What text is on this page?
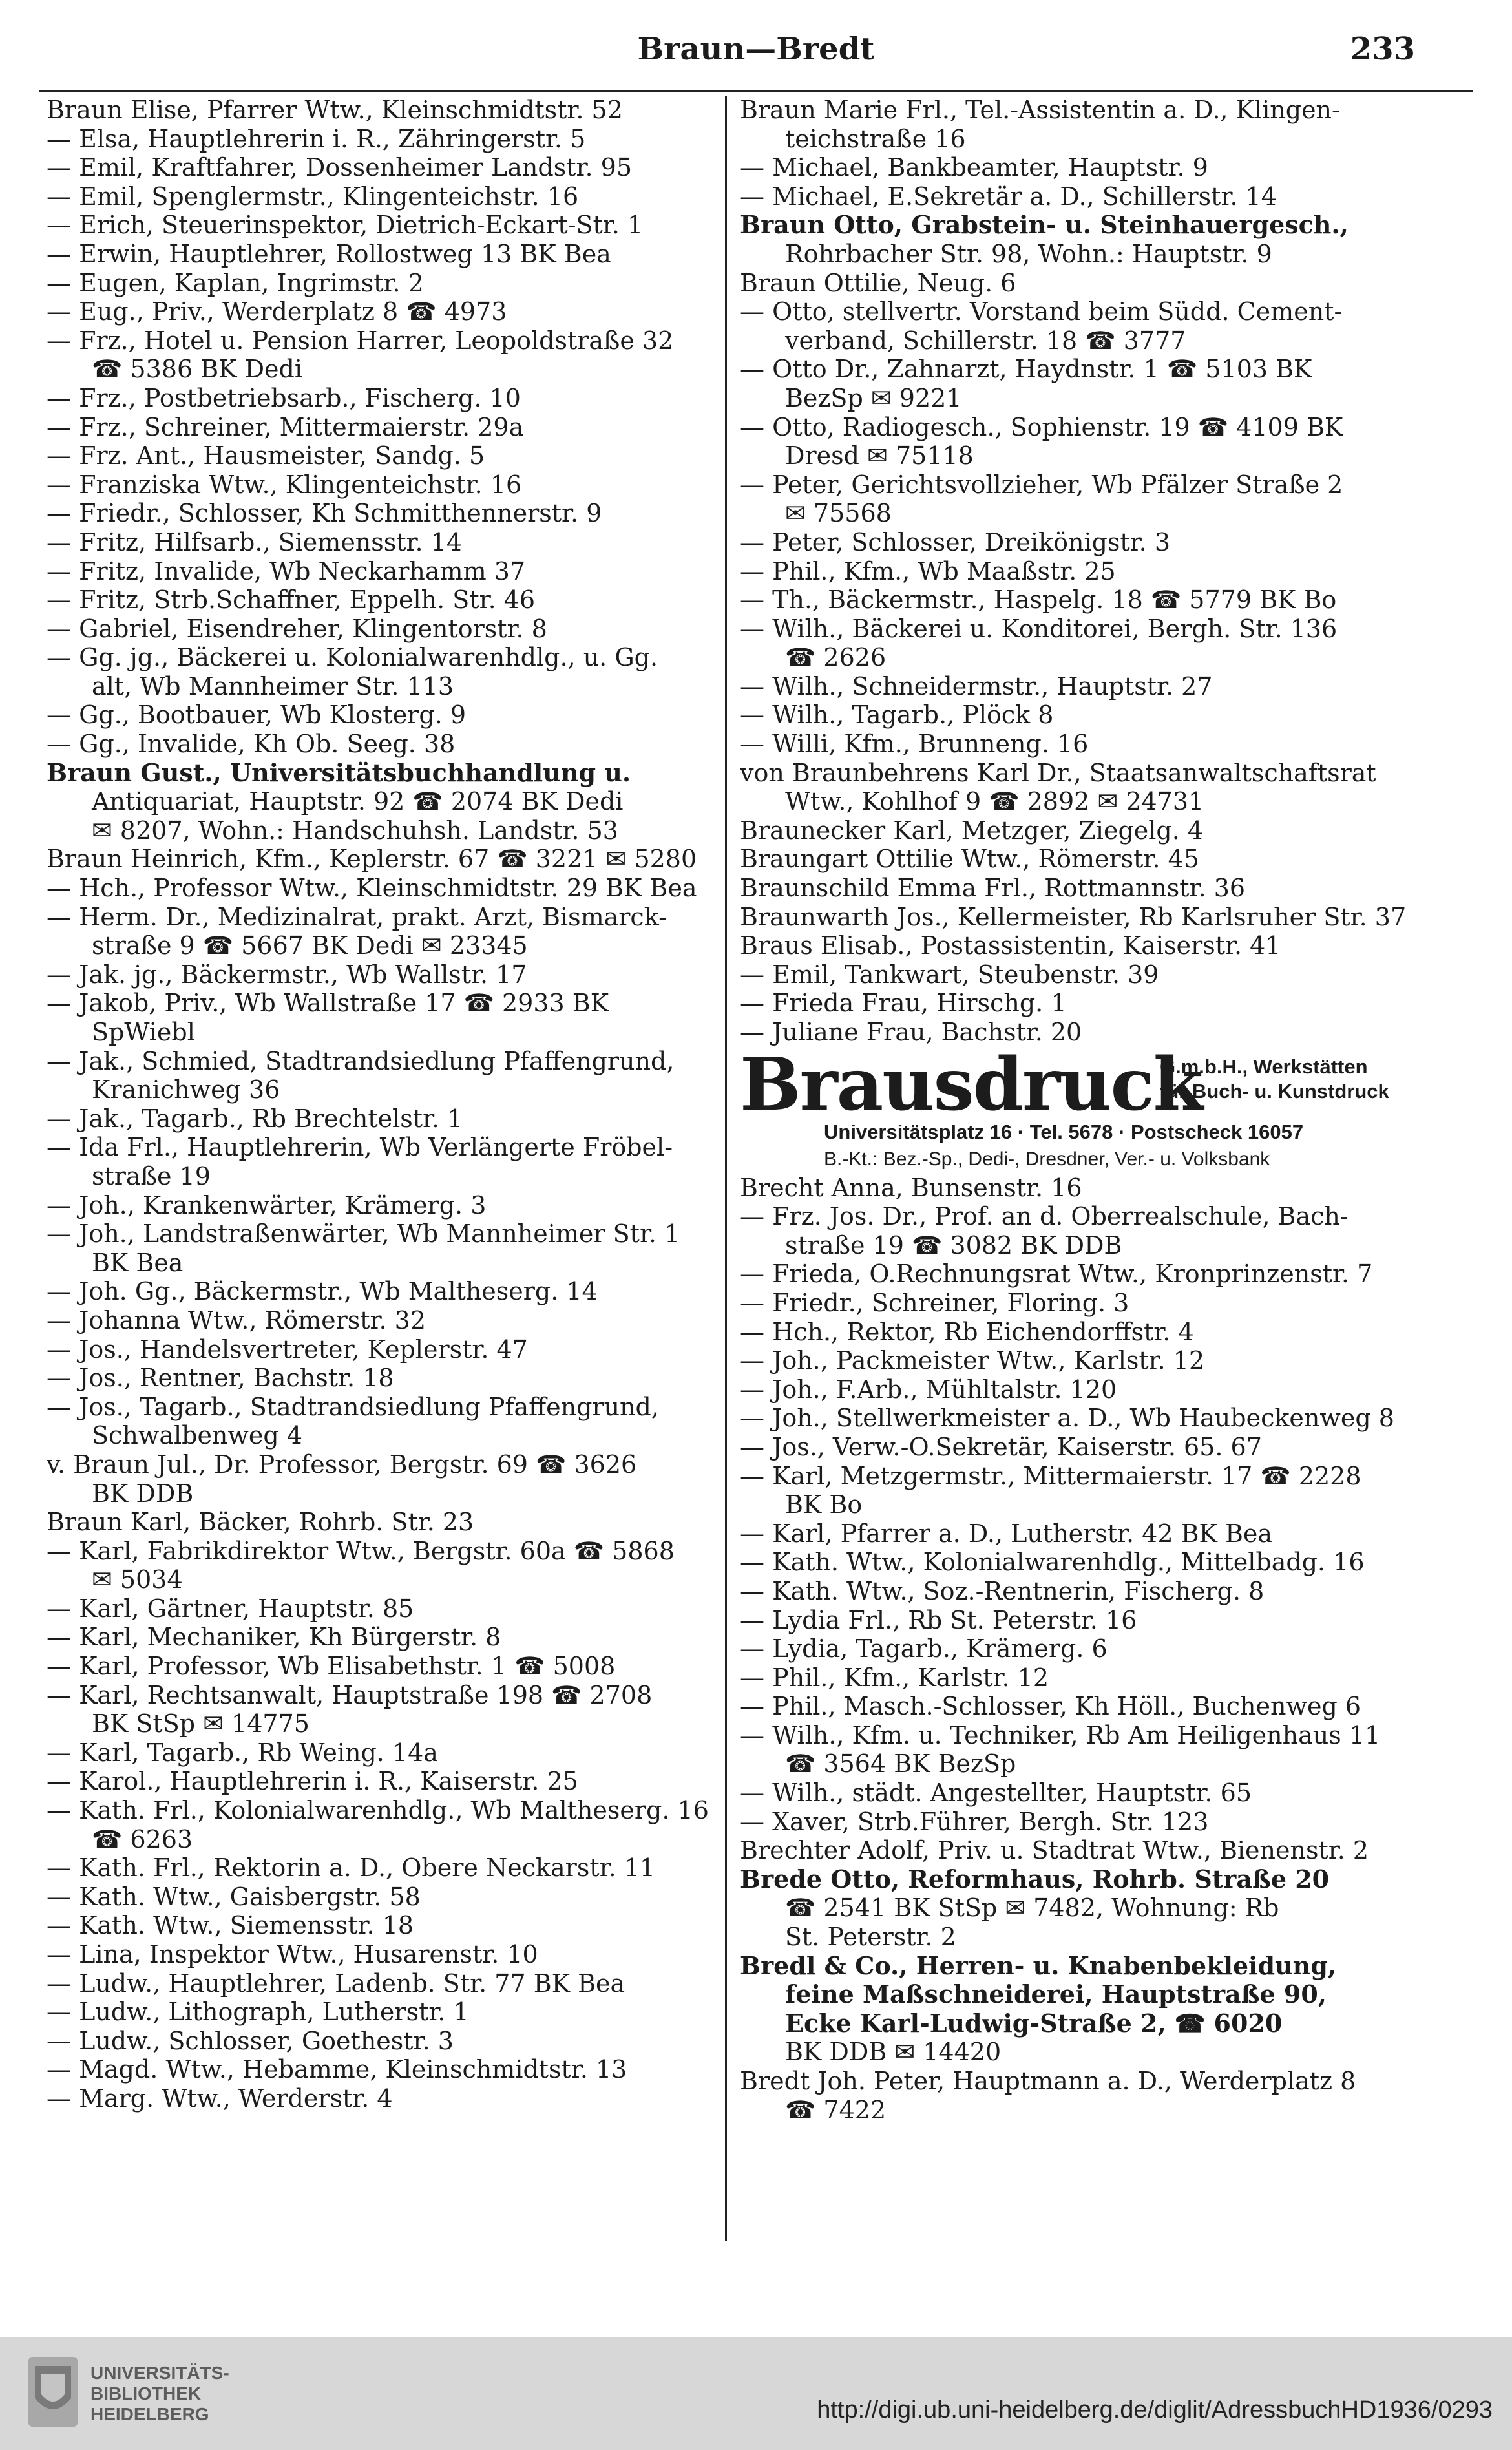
Braun—Bredt	233
Braun Elise, Pfarrer Wtw., Kleinschmidtstr. 52
— Elsa, Hauptlehrerin i. R., Zähringerstr. 5
— Emil, Kraftfahrer, Dossenheimer Landstr. 95
— Emil, Spenglermstr., Klingenteichstr. 16
— Erich, Steuerinspektor, Dietrich-Eckart-Str. 1
— Erwin, Hauptlehrer, Rollostweg 13 BK Bea
— Eugen, Kaplan, Ingrimstr. 2
— Eug., Priv., Werderplatz 8 ☎ 4973
— Frz., Hotel u. Pension Harrer, Leopoldstraße 32
☎ 5386 BK Dedi
— Frz., Postbetriebsarb., Fischerg. 10
— Frz., Schreiner, Mittermaierstr. 29a
— Frz. Ant., Hausmeister, Sandg. 5
— Franziska Wtw., Klingenteichstr. 16
— Friedr., Schlosser, Kh Schmitthennerstr. 9
— Fritz, Hilfsarb., Siemensstr. 14
— Fritz, Invalide, Wb Neckarhamm 37
— Fritz, Strb.Schaffner, Eppelh. Str. 46
— Gabriel, Eisendreher, Klingentorstr. 8
— Gg. jg., Bäckerei u. Kolonialwarenhdlg., u. Gg.
alt, Wb Mannheimer Str. 113
— Gg., Bootbauer, Wb Klosterg. 9
— Gg., Invalide, Kh Ob. Seeg. 38
Braun Gust., Universitätsbuchhandlung u.
Antiquariat, Hauptstr. 92 ☎ 2074 BK Dedi
✉ 8207, Wohn.: Handschuhsh. Landstr. 53
Braun Heinrich, Kfm., Keplerstr. 67 ☎ 3221 ✉ 5280
— Hch., Professor Wtw., Kleinschmidtstr. 29 BK Bea
— Herm. Dr., Medizinalrat, prakt. Arzt, Bismarck-
straße 9 ☎ 5667 BK Dedi ✉ 23345
— Jak. jg., Bäckermstr., Wb Wallstr. 17
— Jakob, Priv., Wb Wallstraße 17 ☎ 2933 BK
SpWiebl
— Jak., Schmied, Stadtrandsiedlung Pfaffengrund,
Kranichweg 36
— Jak., Tagarb., Rb Brechtelstr. 1
— Ida Frl., Hauptlehrerin, Wb Verlängerte Fröbel-
straße 19
— Joh., Krankenwärter, Krämerg. 3
— Joh., Landstraßenwärter, Wb Mannheimer Str. 1
BK Bea
— Joh. Gg., Bäckermstr., Wb Maltheserg. 14
— Johanna Wtw., Römerstr. 32
— Jos., Handelsvertreter, Keplerstr. 47
— Jos., Rentner, Bachstr. 18
— Jos., Tagarb., Stadtrandsiedlung Pfaffengrund,
Schwalbenweg 4
v. Braun Jul., Dr. Professor, Bergstr. 69 ☎ 3626
BK DDB
Braun Karl, Bäcker, Rohrb. Str. 23
— Karl, Fabrikdirektor Wtw., Bergstr. 60a ☎ 5868
✉ 5034
— Karl, Gärtner, Hauptstr. 85
— Karl, Mechaniker, Kh Bürgerstr. 8
— Karl, Professor, Wb Elisabethstr. 1 ☎ 5008
— Karl, Rechtsanwalt, Hauptstraße 198 ☎ 2708
BK StSp ✉ 14775
— Karl, Tagarb., Rb Weing. 14a
— Karol., Hauptlehrerin i. R., Kaiserstr. 25
— Kath. Frl., Kolonialwarenhdlg., Wb Maltheserg. 16
☎ 6263
— Kath. Frl., Rektorin a. D., Obere Neckarstr. 11
— Kath. Wtw., Gaisbergstr. 58
— Kath. Wtw., Siemensstr. 18
— Lina, Inspektor Wtw., Husarenstr. 10
— Ludw., Hauptlehrer, Ladenb. Str. 77 BK Bea
— Ludw., Lithograph, Lutherstr. 1
— Ludw., Schlosser, Goethestr. 3
— Magd. Wtw., Hebamme, Kleinschmidtstr. 13
— Marg. Wtw., Werderstr. 4
Braun Marie Frl., Tel.-Assistentin a. D., Klingen-
teichstraße 16
— Michael, Bankbeamter, Hauptstr. 9
— Michael, E.Sekretär a. D., Schillerstr. 14
Braun Otto, Grabstein- u. Steinhauergesch.,
Rohrbacher Str. 98, Wohn.: Hauptstr. 9
Braun Ottilie, Neug. 6
— Otto, stellvertr. Vorstand beim Südd. Cement-
verband, Schillerstr. 18 ☎ 3777
— Otto Dr., Zahnarzt, Haydnstr. 1 ☎ 5103 BK
BezSp ✉ 9221
— Otto, Radiogesch., Sophienstr. 19 ☎ 4109 BK
Dresd ✉ 75118
— Peter, Gerichtsvollzieher, Wb Pfälzer Straße 2
✉ 75568
— Peter, Schlosser, Dreikönigstr. 3
— Phil., Kfm., Wb Maaßstr. 25
— Th., Bäckermstr., Haspelg. 18 ☎ 5779 BK Bo
— Wilh., Bäckerei u. Konditorei, Bergh. Str. 136
☎ 2626
— Wilh., Schneidermstr., Hauptstr. 27
— Wilh., Tagarb., Plöck 8
— Willi, Kfm., Brunneng. 16
von Braunbehrens Karl Dr., Staatsanwaltschaftsrat
Wtw., Kohlhof 9 ☎ 2892 ✉ 24731
Braunecker Karl, Metzger, Ziegelg. 4
Braungart Ottilie Wtw., Römerstr. 45
Braunschild Emma Frl., Rottmannstr. 36
Braunwarth Jos., Kellermeister, Rb Karlsruher Str. 37
Braus Elisab., Postassistentin, Kaiserstr. 41
— Emil, Tankwart, Steubenstr. 39
— Frieda Frau, Hirschg. 1
— Juliane Frau, Bachstr. 20
Brausdruck
G.m.b.H., Werkstätten
für Buch- u. Kunstdruck
Universitätsplatz 16 · Tel. 5678 · Postscheck 16057
B.-Kt.: Bez.-Sp., Dedi-, Dresdner, Ver.- u. Volksbank
Brecht Anna, Bunsenstr. 16
— Frz. Jos. Dr., Prof. an d. Oberrealschule, Bach-
straße 19 ☎ 3082 BK DDB
— Frieda, O.Rechnungsrat Wtw., Kronprinzenstr. 7
— Friedr., Schreiner, Floring. 3
— Hch., Rektor, Rb Eichendorffstr. 4
— Joh., Packmeister Wtw., Karlstr. 12
— Joh., F.Arb., Mühltalstr. 120
— Joh., Stellwerkmeister a. D., Wb Haubeckenweg 8
— Jos., Verw.-O.Sekretär, Kaiserstr. 65. 67
— Karl, Metzgermstr., Mittermaierstr. 17 ☎ 2228
BK Bo
— Karl, Pfarrer a. D., Lutherstr. 42 BK Bea
— Kath. Wtw., Kolonialwarenhdlg., Mittelbadg. 16
— Kath. Wtw., Soz.-Rentnerin, Fischerg. 8
— Lydia Frl., Rb St. Peterstr. 16
— Lydia, Tagarb., Krämerg. 6
— Phil., Kfm., Karlstr. 12
— Phil., Masch.-Schlosser, Kh Höll., Buchenweg 6
— Wilh., Kfm. u. Techniker, Rb Am Heiligenhaus 11
☎ 3564 BK BezSp
— Wilh., städt. Angestellter, Hauptstr. 65
— Xaver, Strb.Führer, Bergh. Str. 123
Brechter Adolf, Priv. u. Stadtrat Wtw., Bienenstr. 2
Brede Otto, Reformhaus, Rohrb. Straße 20
☎ 2541 BK StSp ✉ 7482, Wohnung: Rb
St. Peterstr. 2
Bredl & Co., Herren- u. Knabenbekleidung,
feine Maßschneiderei, Hauptstraße 90,
Ecke Karl-Ludwig-Straße 2, ☎ 6020
BK DDB ✉ 14420
Bredt Joh. Peter, Hauptmann a. D., Werderplatz 8
☎ 7422
UNIVERSITÄTS-
BIBLIOTHEK
HEIDELBERG	http://digi.ub.uni-heidelberg.de/diglit/AdressbuchHD1936/0293
